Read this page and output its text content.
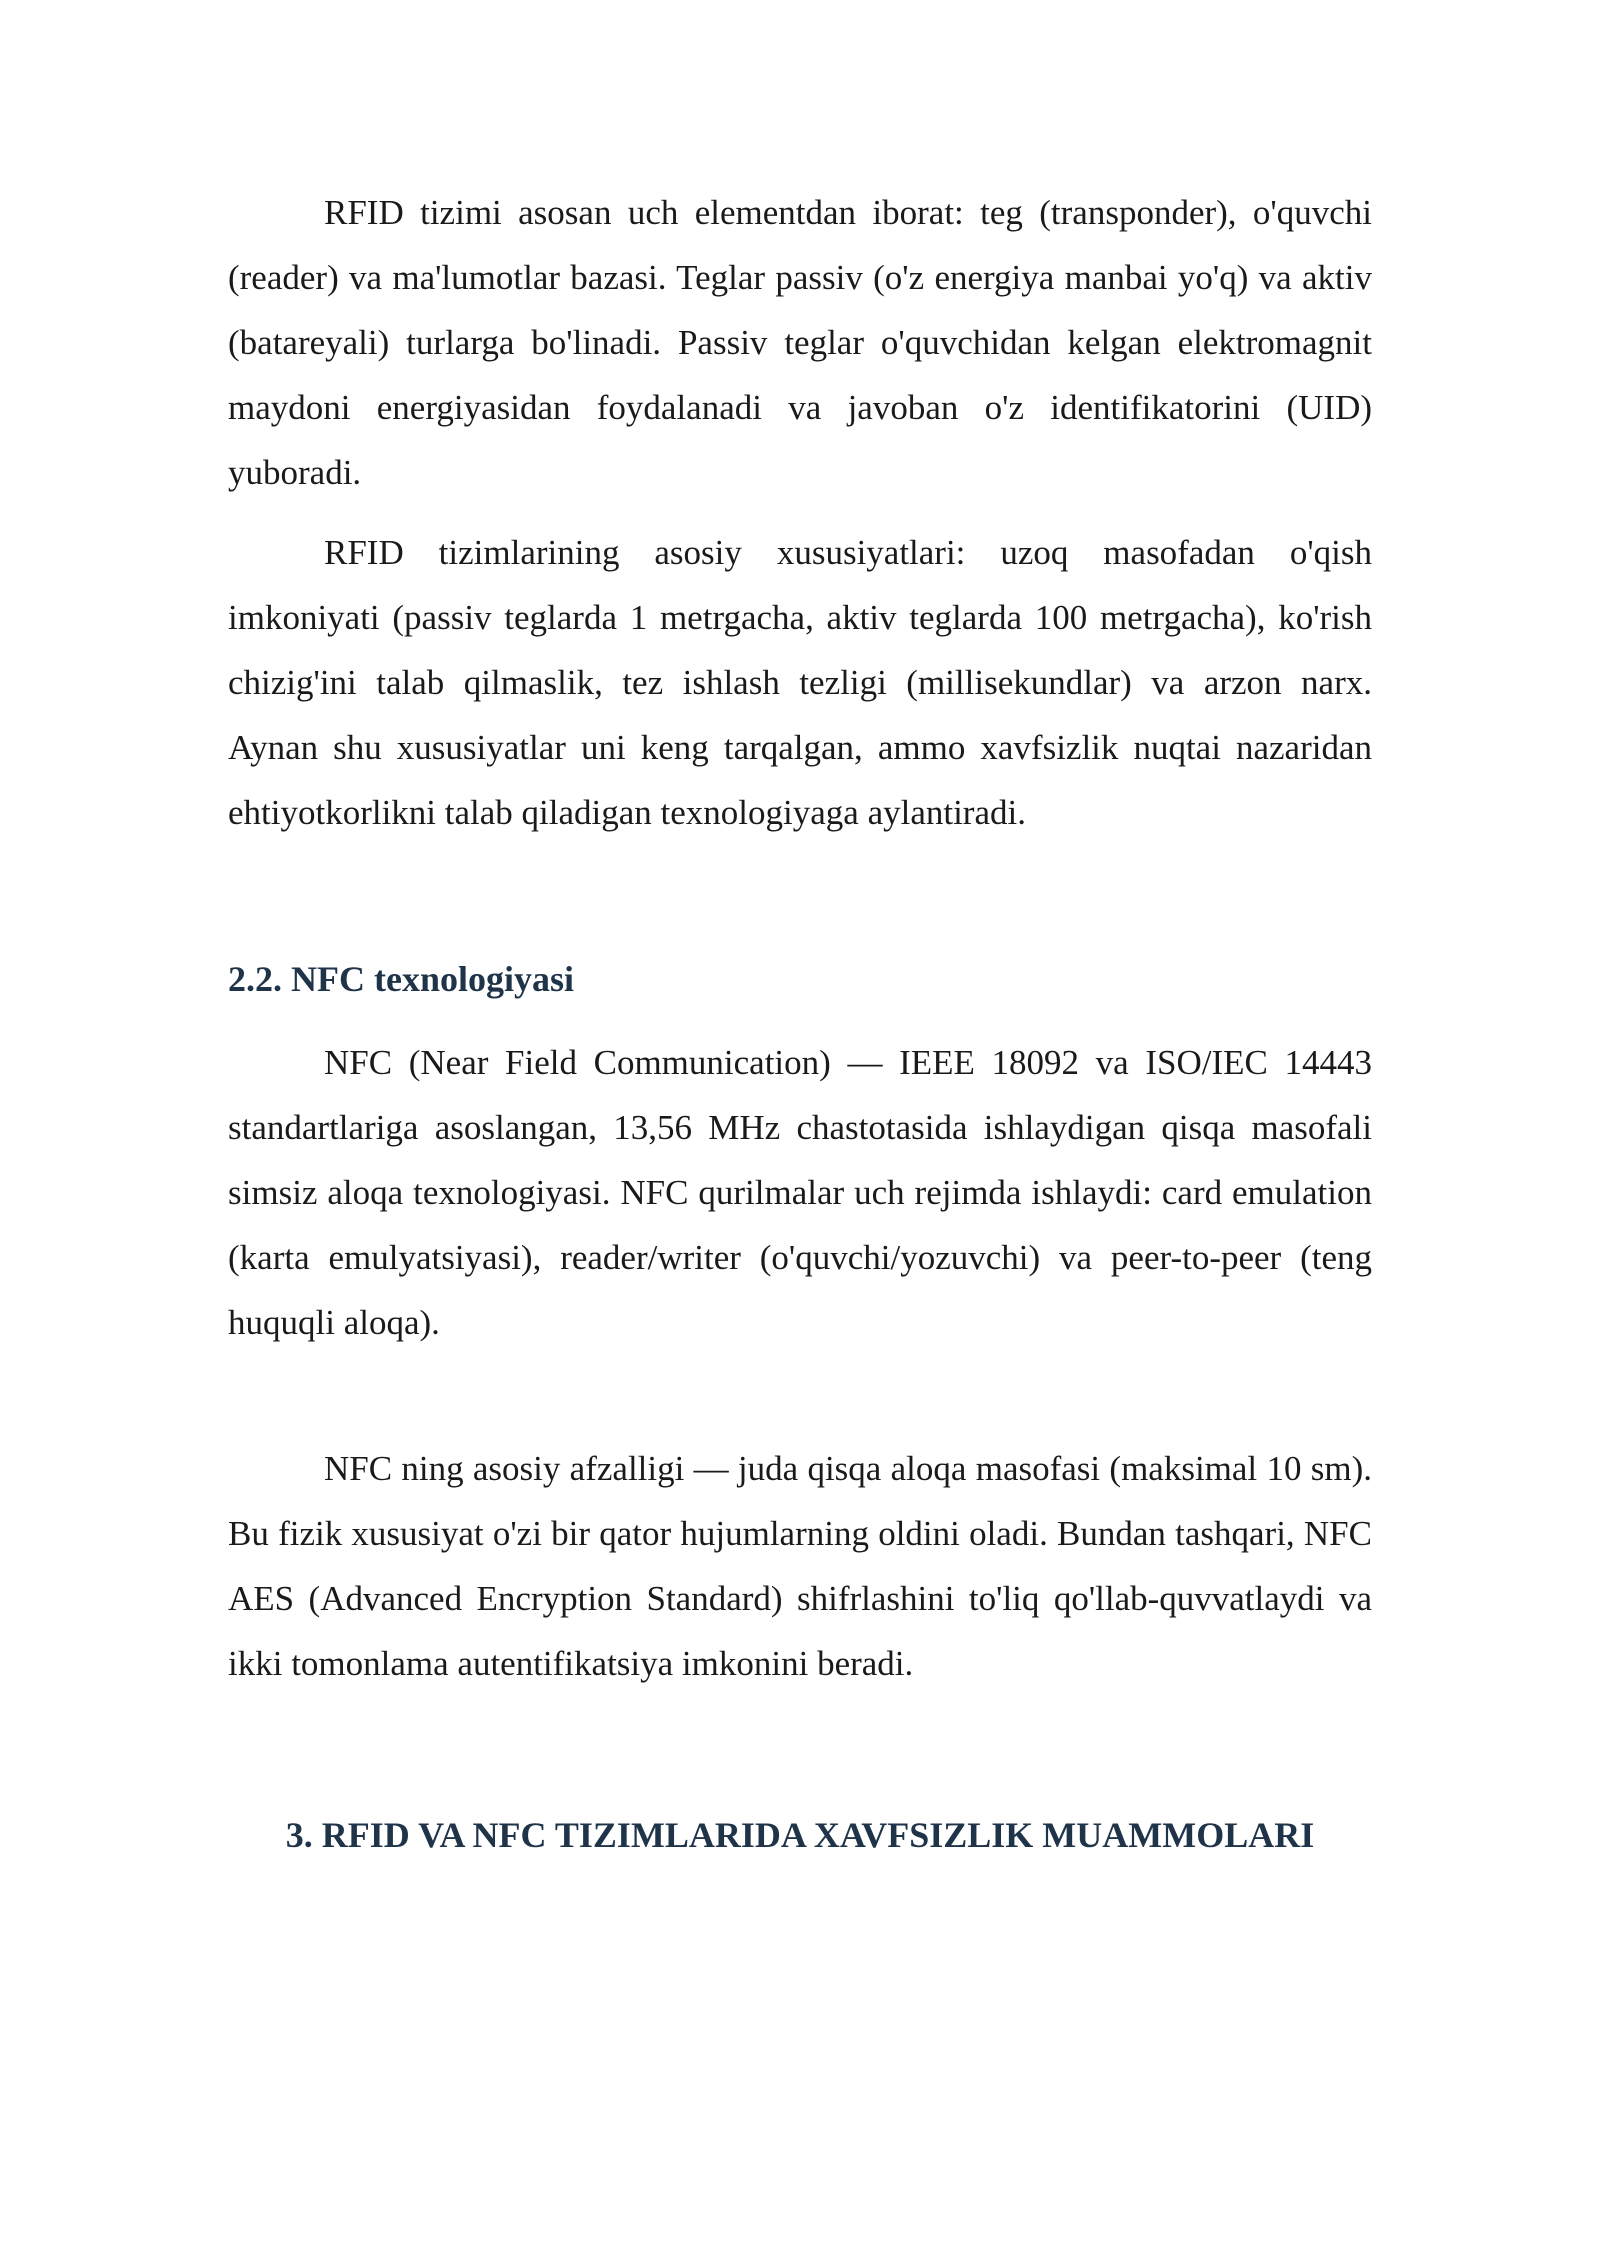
RFID tizimi asosan uch elementdan iborat: teg (transponder), o'quvchi (reader) va ma'lumotlar bazasi. Teglar passiv (o'z energiya manbai yo'q) va aktiv (batareyali) turlarga bo'linadi. Passiv teglar o'quvchidan kelgan elektromagnit maydoni energiyasidan foydalanadi va javoban o'z identifikatorini (UID) yuboradi.

RFID tizimlarining asosiy xususiyatlari: uzoq masofadan o'qish imkoniyati (passiv teglarda 1 metrgacha, aktiv teglarda 100 metrgacha), ko'rish chizig'ini talab qilmaslik, tez ishlash tezligi (millisekundlar) va arzon narx. Aynan shu xususiyatlar uni keng tarqalgan, ammo xavfsizlik nuqtai nazaridan ehtiyotkorlikni talab qiladigan texnologiyaga aylantiradi.

2.2. NFC texnologiyasi

NFC (Near Field Communication) — IEEE 18092 va ISO/IEC 14443 standartlariga asoslangan, 13,56 MHz chastotasida ishlaydigan qisqa masofali simsiz aloqa texnologiyasi. NFC qurilmalar uch rejimda ishlaydi: card emulation (karta emulyatsiyasi), reader/writer (o'quvchi/yozuvchi) va peer-to-peer (teng huquqli aloqa).

NFC ning asosiy afzalligi — juda qisqa aloqa masofasi (maksimal 10 sm). Bu fizik xususiyat o'zi bir qator hujumlarning oldini oladi. Bundan tashqari, NFC AES (Advanced Encryption Standard) shifrlashini to'liq qo'llab-quvvatlaydi va ikki tomonlama autentifikatsiya imkonini beradi.

3. RFID VA NFC TIZIMLARIDA XAVFSIZLIK MUAMMOLARI
